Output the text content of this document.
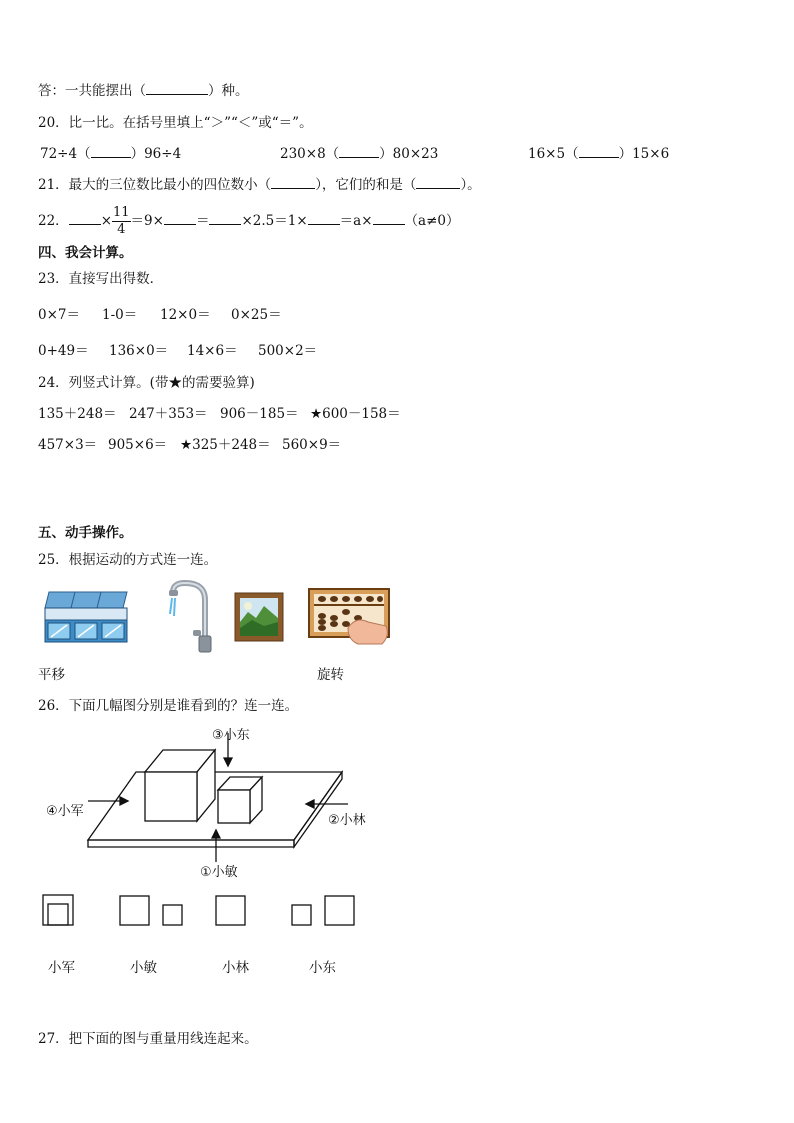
答：一共能摆出（	）种。
20．比一比。在括号里填上“＞”“＜”或“＝”。
72÷4（	）96÷4	230×8（	）80×23	16×5（	）15×6
21．最大的三位数比最小的四位数小（	），它们的和是（	）。
22． × $\frac{11}{4} =9\times = \times 2.5=1\times =a\times (a\ne 0)$
四、我会计算。
23．直接写出得数．
0×7＝ 1-0＝ 12×0＝ 0×25＝
0+49＝ 136×0＝ 14×6＝ 500×2＝
24．列竖式计算。(带★的需要验算)
135＋248＝ 247＋353＝ 906－185＝ ★600－158＝
457×3＝ 905×6＝ ★325＋248＝ 560×9＝
五、动手操作。
25．根据运动的方式连一连。
平移	旋转
26．下面几幅图分别是谁看到的？连一连。
③小东
④小军
②小林
①小敏
小军	小敏	小林	小东
27．把下面的图与重量用线连起来。
